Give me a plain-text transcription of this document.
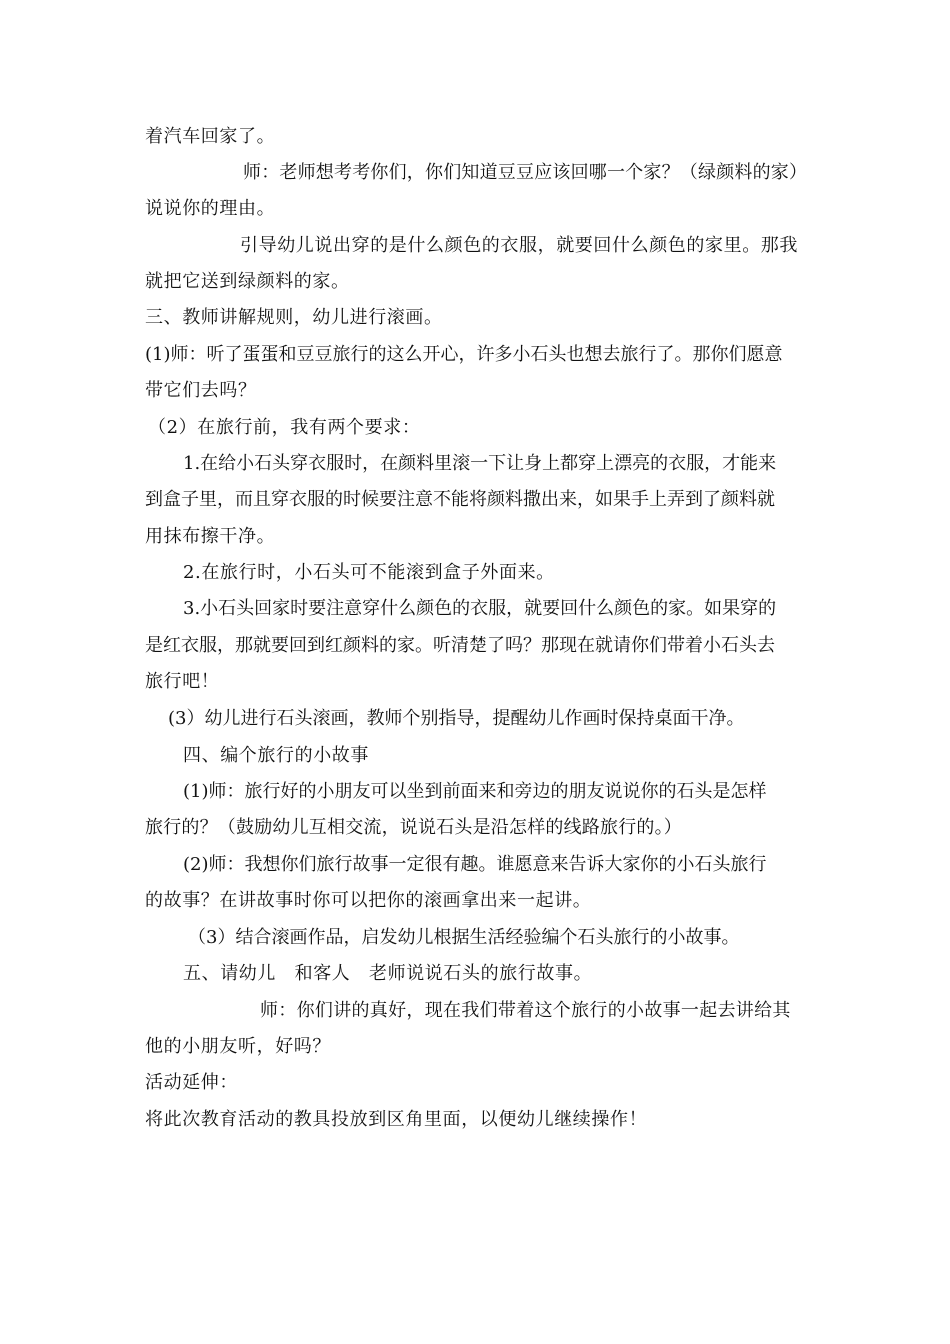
着汽车回家了。
师：老师想考考你们，你们知道豆豆应该回哪一个家？（绿颜料的家）
说说你的理由。
引导幼儿说出穿的是什么颜色的衣服，就要回什么颜色的家里。那我
就把它送到绿颜料的家。
三、教师讲解规则，幼儿进行滚画。
(1)师：听了蛋蛋和豆豆旅行的这么开心，许多小石头也想去旅行了。那你们愿意
带它们去吗？
（2）在旅行前，我有两个要求：
1.在给小石头穿衣服时，在颜料里滚一下让身上都穿上漂亮的衣服，才能来
到盒子里，而且穿衣服的时候要注意不能将颜料撒出来，如果手上弄到了颜料就
用抹布擦干净。
2.在旅行时，小石头可不能滚到盒子外面来。
3.小石头回家时要注意穿什么颜色的衣服，就要回什么颜色的家。如果穿的
是红衣服，那就要回到红颜料的家。听清楚了吗？那现在就请你们带着小石头去
旅行吧！
(3）幼儿进行石头滚画，教师个别指导，提醒幼儿作画时保持桌面干净。
四、编个旅行的小故事
(1)师：旅行好的小朋友可以坐到前面来和旁边的朋友说说你的石头是怎样
旅行的？（鼓励幼儿互相交流，说说石头是沿怎样的线路旅行的。）
(2)师：我想你们旅行故事一定很有趣。谁愿意来告诉大家你的小石头旅行
的故事？在讲故事时你可以把你的滚画拿出来一起讲。
（3）结合滚画作品，启发幼儿根据生活经验编个石头旅行的小故事。
五、请幼儿　和客人　老师说说石头的旅行故事。
师：你们讲的真好，现在我们带着这个旅行的小故事一起去讲给其
他的小朋友听，好吗？
活动延伸：
将此次教育活动的教具投放到区角里面，以便幼儿继续操作！
